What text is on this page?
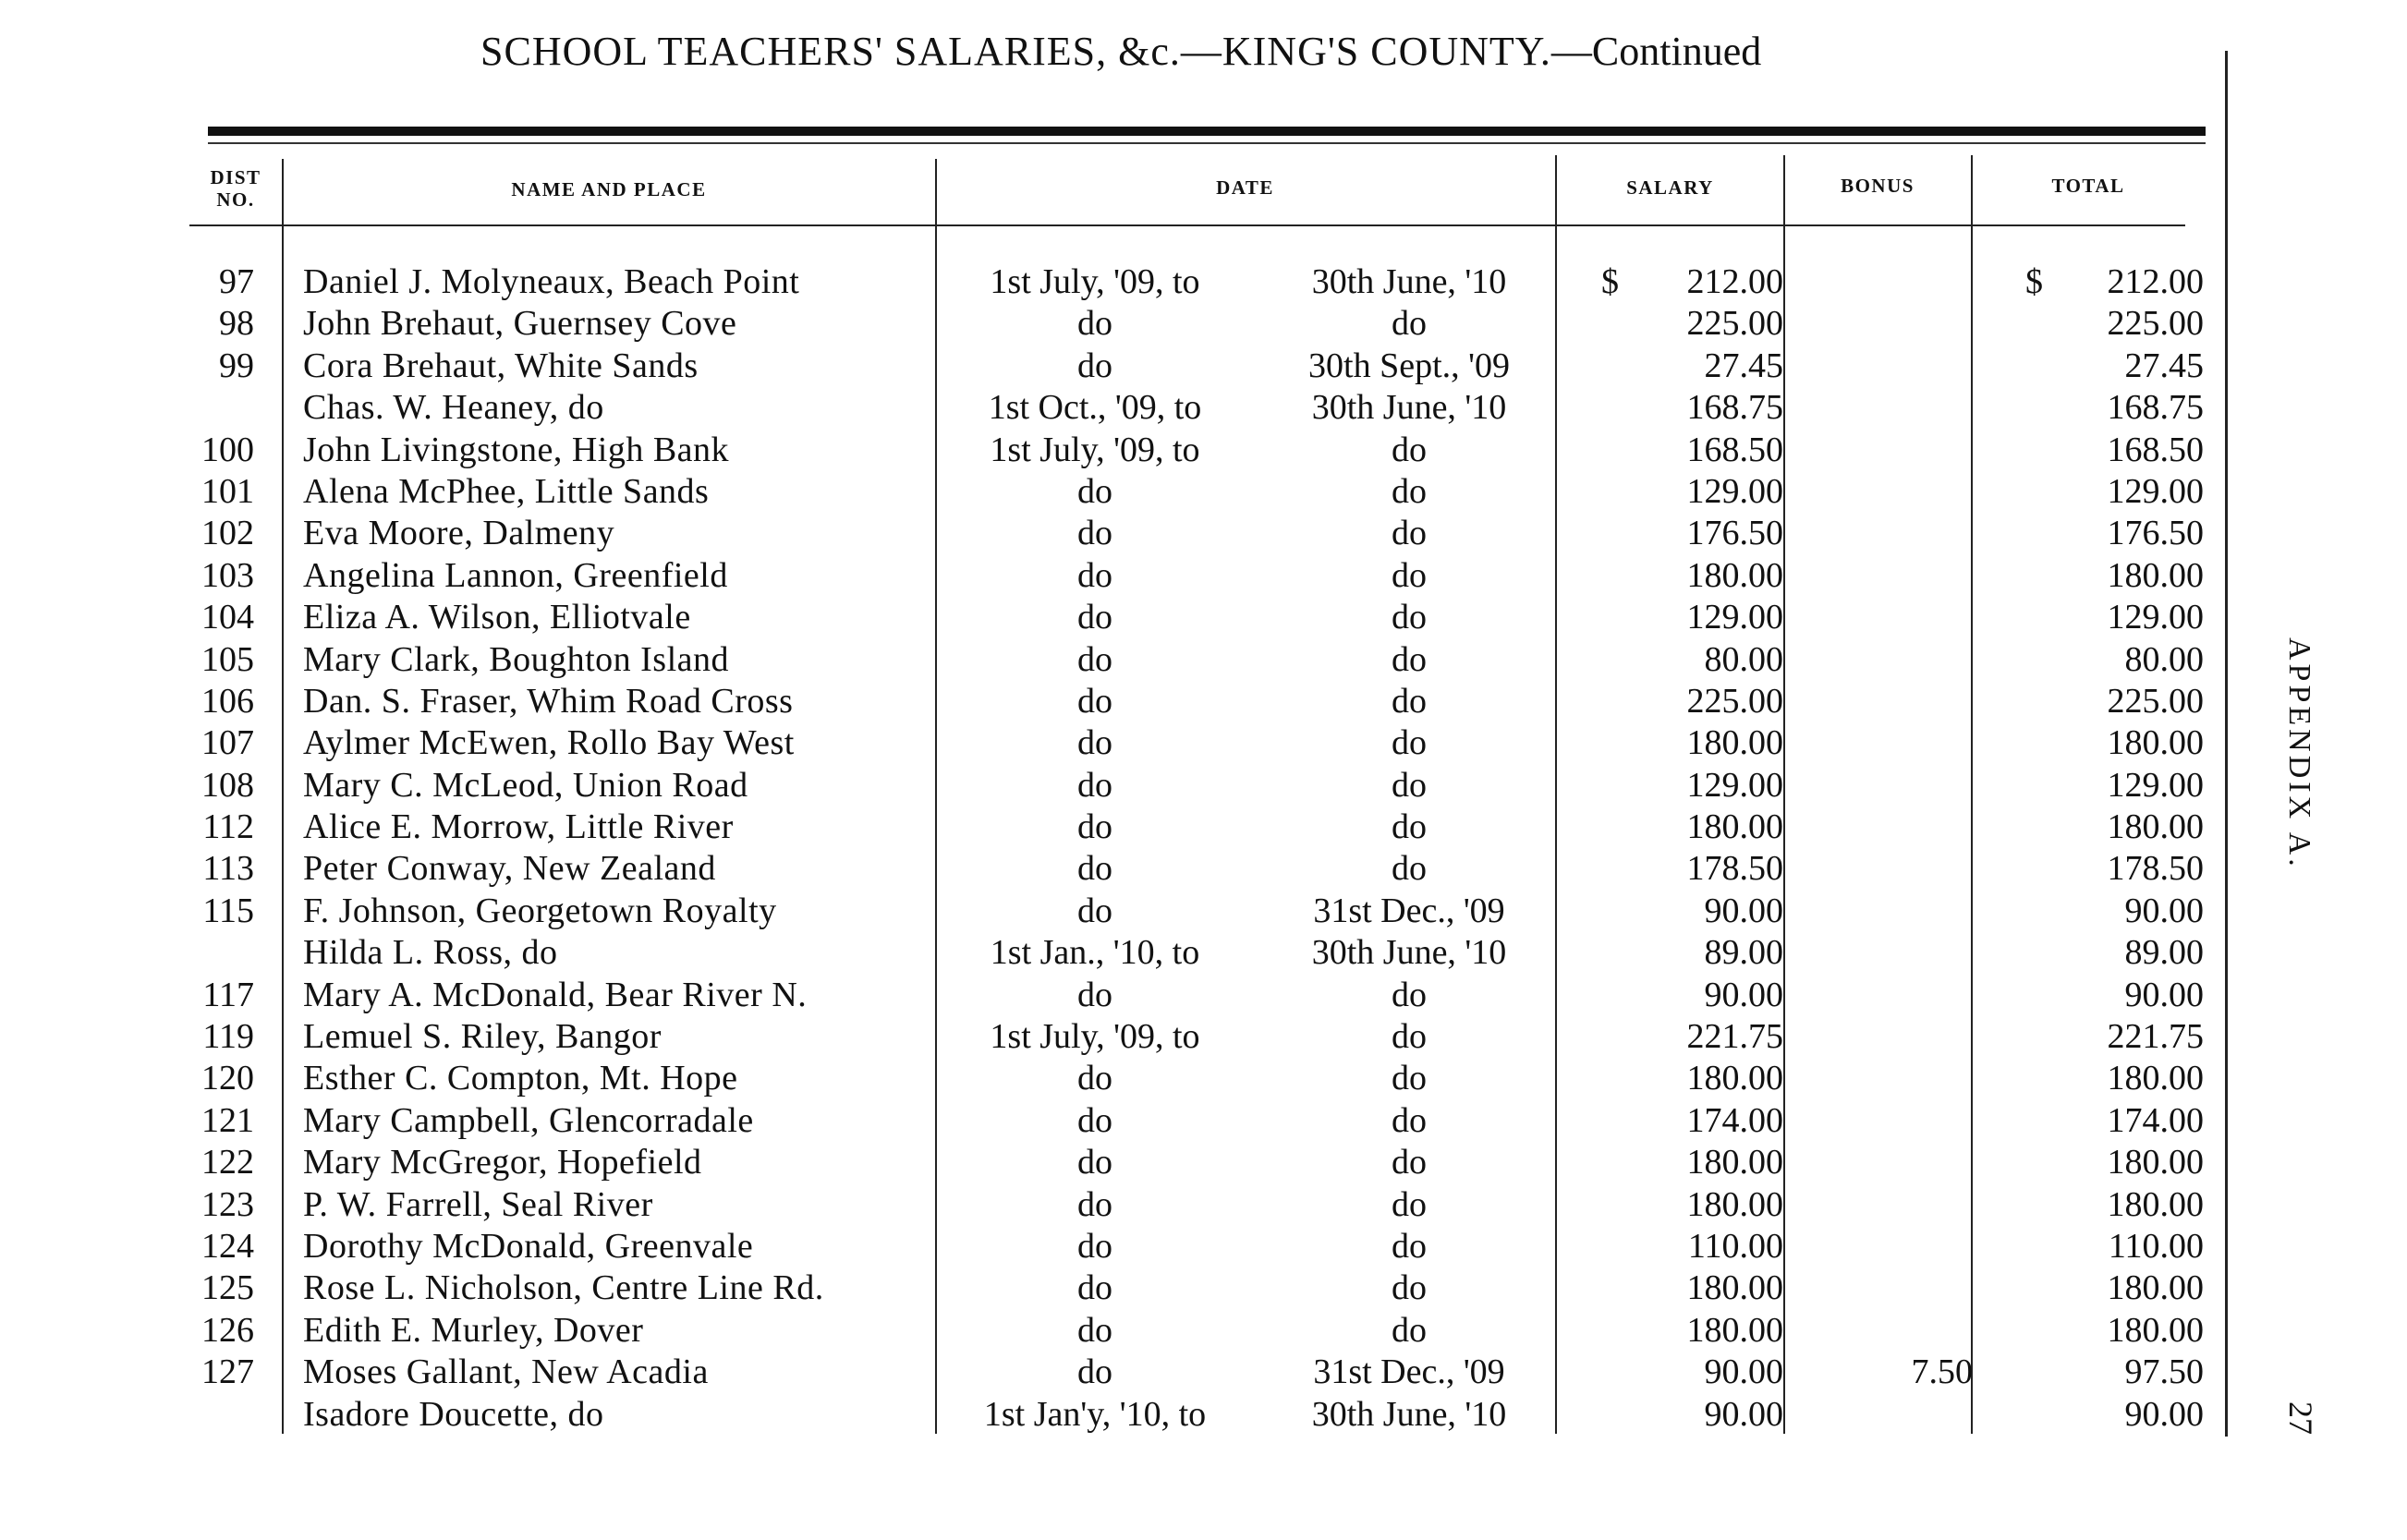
SCHOOL TEACHERS' SALARIES, &c.—KING'S COUNTY.—Continued
DIST NO.	NAME AND PLACE	DATE	SALARY	BONUS	TOTAL
APPENDIX A.
27
97 Daniel J. Molyneaux, Beach Point	1st July, '09, to	30th June, '10	212.00	212.00
$	$
98 John Brehaut, Guernsey Cove	do	do	225.00	225.00
99 Cora Brehaut, White Sands	do	30th Sept., '09	27.45	27.45
Chas. W. Heaney, do	1st Oct., '09, to	30th June, '10	168.75	168.75
100 John Livingstone, High Bank	1st July, '09, to	do	168.50	168.50
101 Alena McPhee, Little Sands	do	do	129.00	129.00
102 Eva Moore, Dalmeny	do	do	176.50	176.50
103 Angelina Lannon, Greenfield	do	do	180.00	180.00
104 Eliza A. Wilson, Elliotvale	do	do	129.00	129.00
105 Mary Clark, Boughton Island	do	do	80.00	80.00
106 Dan. S. Fraser, Whim Road Cross	do	do	225.00	225.00
107 Aylmer McEwen, Rollo Bay West	do	do	180.00	180.00
108 Mary C. McLeod, Union Road	do	do	129.00	129.00
112 Alice E. Morrow, Little River	do	do	180.00	180.00
113 Peter Conway, New Zealand	do	do	178.50	178.50
115 F. Johnson, Georgetown Royalty	do	31st Dec., '09	90.00	90.00
Hilda L. Ross, do	1st Jan., '10, to	30th June, '10	89.00	89.00
117 Mary A. McDonald, Bear River N.	do	do	90.00	90.00
119 Lemuel S. Riley, Bangor	1st July, '09, to	do	221.75	221.75
120 Esther C. Compton, Mt. Hope	do	do	180.00	180.00
121 Mary Campbell, Glencorradale	do	do	174.00	174.00
122 Mary McGregor, Hopefield	do	do	180.00	180.00
123 P. W. Farrell, Seal River	do	do	180.00	180.00
124 Dorothy McDonald, Greenvale	do	do	110.00	110.00
125 Rose L. Nicholson, Centre Line Rd.	do	do	180.00	180.00
126 Edith E. Murley, Dover	do	do	180.00	180.00
127 Moses Gallant, New Acadia	do	31st Dec., '09	90.00	7.50	97.50
Isadore Doucette, do	1st Jan'y, '10, to	30th June, '10	90.00	90.00
